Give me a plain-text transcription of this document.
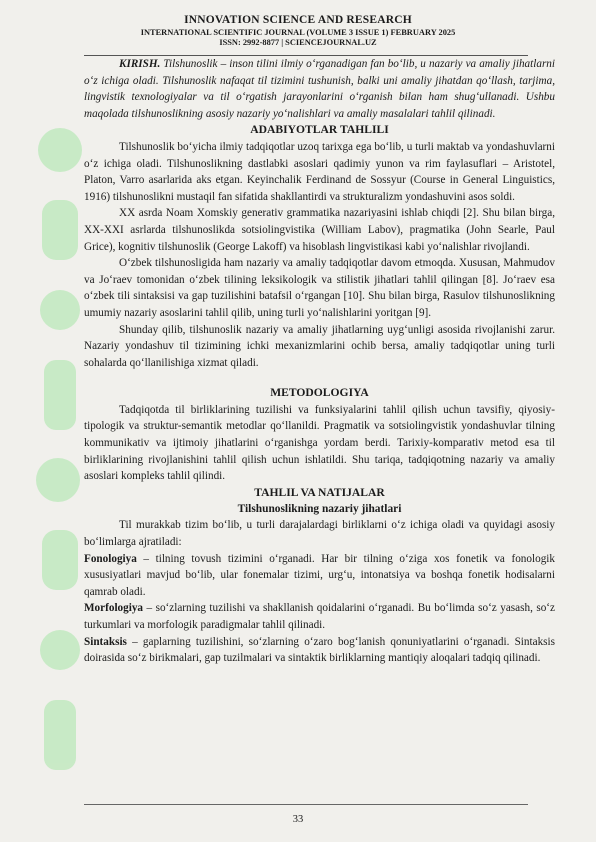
INNOVATION SCIENCE AND RESEARCH
INTERNATIONAL SCIENTIFIC JOURNAL (VOLUME 3 ISSUE 1) FEBRUARY 2025
ISSN: 2992-8877 | SCIENCEJOURNAL.UZ

KIRISH. Tilshunoslik – inson tilini ilmiy o‘rganadigan fan bo‘lib, u nazariy va amaliy jihatlarni o‘z ichiga oladi. Tilshunoslik nafaqat til tizimini tushunish, balki uni amaliy jihatdan qo‘llash, tarjima, lingvistik texnologiyalar va til o‘rgatish jarayonlarini o‘rganish bilan ham shug‘ullanadi. Ushbu maqolada tilshunoslikning asosiy nazariy yo‘nalishlari va amaliy masalalari tahlil qilinadi.

ADABIYOTLAR TAHLILI

Tilshunoslik bo‘yicha ilmiy tadqiqotlar uzoq tarixga ega bo‘lib, u turli maktab va yondashuvlarni o‘z ichiga oladi. Tilshunoslikning dastlabki asoslari qadimiy yunon va rim faylasuflari – Aristotel, Platon, Varro asarlarida aks etgan. Keyinchalik Ferdinand de Sossyur (Course in General Linguistics, 1916) tilshunoslikni mustaqil fan sifatida shakllantirdi va strukturalizm yondashuvini asos soldi.

XX asrda Noam Xomskiy generativ grammatika nazariyasini ishlab chiqdi [2]. Shu bilan birga, XX-XXI asrlarda tilshunoslikda sotsiolingvistika (William Labov), pragmatika (John Searle, Paul Grice), kognitiv tilshunoslik (George Lakoff) va hisoblash lingvistikasi kabi yo‘nalishlar rivojlandi.

O‘zbek tilshunosligida ham nazariy va amaliy tadqiqotlar davom etmoqda. Xususan, Mahmudov va Jo‘raev tomonidan o‘zbek tilining leksikologik va stilistik jihatlari tahlil qilingan [8]. Jo‘raev esa o‘zbek tili sintaksisi va gap tuzilishini batafsil o‘rgangan [10]. Shu bilan birga, Rasulov tilshunoslikning umumiy nazariy asoslarini tahlil qilib, uning turli yo‘nalishlarini yoritgan [9].

Shunday qilib, tilshunoslik nazariy va amaliy jihatlarning uyg‘unligi asosida rivojlanishi zarur. Nazariy yondashuv til tizimining ichki mexanizmlarini ochib bersa, amaliy tadqiqotlar uning turli sohalarda qo‘llanilishiga xizmat qiladi.

METODOLOGIYA

Tadqiqotda til birliklarining tuzilishi va funksiyalarini tahlil qilish uchun tavsifiy, qiyosiy-tipologik va struktur-semantik metodlar qo‘llanildi. Pragmatik va sotsiolingvistik yondashuvlar tilning kommunikativ va ijtimoiy jihatlarini o‘rganishga yordam berdi. Tarixiy-komparativ metod esa til birliklarining rivojlanishini tahlil qilish uchun ishlatildi. Shu tariqa, tadqiqotning nazariy va amaliy asoslari kompleks tahlil qilindi.

TAHLIL VA NATIJALAR
Tilshunoslikning nazariy jihatlari

Til murakkab tizim bo‘lib, u turli darajalardagi birliklarni o‘z ichiga oladi va quyidagi asosiy bo‘limlarga ajratiladi:

Fonologiya – tilning tovush tizimini o‘rganadi. Har bir tilning o‘ziga xos fonetik va fonologik xususiyatlari mavjud bo‘lib, ular fonemalar tizimi, urg‘u, intonatsiya va boshqa fonetik hodisalarni qamrab oladi.

Morfologiya – so‘zlarning tuzilishi va shakllanish qoidalarini o‘rganadi. Bu bo‘limda so‘z yasash, so‘z turkumlari va morfologik paradigmalar tahlil qilinadi.

Sintaksis – gaplarning tuzilishini, so‘zlarning o‘zaro bog‘lanish qonuniyatlarini o‘rganadi. Sintaksis doirasida so‘z birikmalari, gap tuzilmalari va sintaktik birliklarning mantiqiy aloqalari tadqiq qilinadi.

33
